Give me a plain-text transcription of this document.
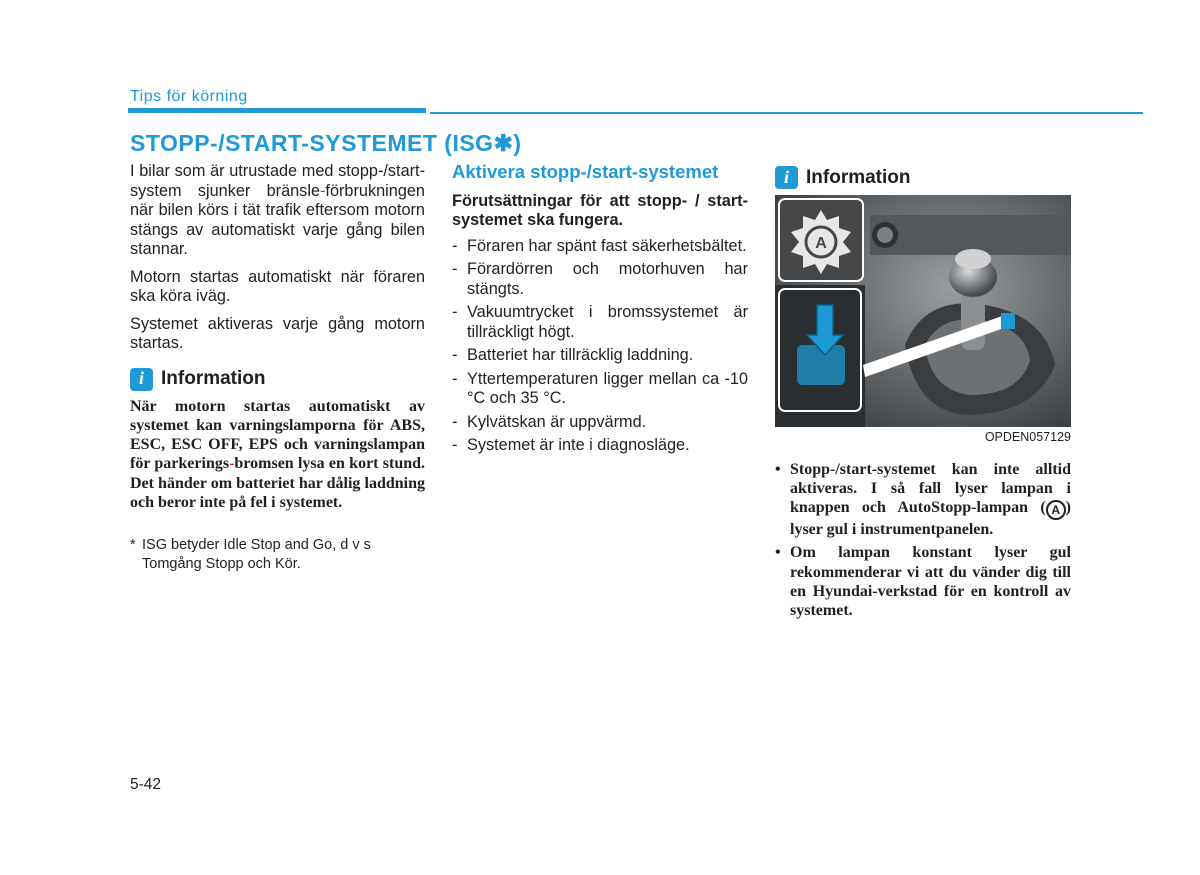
Tips för körning
STOPP-/START-SYSTEMET (ISG✱)

I bilar som är utrustade med stopp-/start-system sjunker bränsle-förbrukningen när bilen körs i tät trafik eftersom motorn stängs av automatiskt varje gång bilen stannar.

Motorn startas automatiskt när föraren ska köra iväg.

Systemet aktiveras varje gång motorn startas.

i Information

När motorn startas automatiskt av systemet kan varningslamporna för ABS, ESC, ESC OFF, EPS och varningslampan för parkerings-bromsen lysa en kort stund. Det händer om batteriet har dålig laddning och beror inte på fel i systemet.

* ISG betyder Idle Stop and Go, d v s Tomgång Stopp och Kör.
Aktivera stopp-/start-systemet

Förutsättningar för att stopp- / start-systemet ska fungera.

- Föraren har spänt fast säkerhetsbältet.
- Förardörren och motorhuven har stängts.
- Vakuumtrycket i bromssystemet är tillräckligt högt.
- Batteriet har tillräcklig laddning.
- Yttertemperaturen ligger mellan ca -10 °C och 35 °C.
- Kylvätskan är uppvärmd.
- Systemet är inte i diagnosläge.
i Information
A
OPDEN057129
• Stopp-/start-systemet kan inte alltid aktiveras. I så fall lyser lampan i knappen och AutoStopp-lampan ( A ) lyser gul i instrumentpanelen.
• Om lampan konstant lyser gul rekommenderar vi att du vänder dig till en Hyundai-verkstad för en kontroll av systemet.
5-42
